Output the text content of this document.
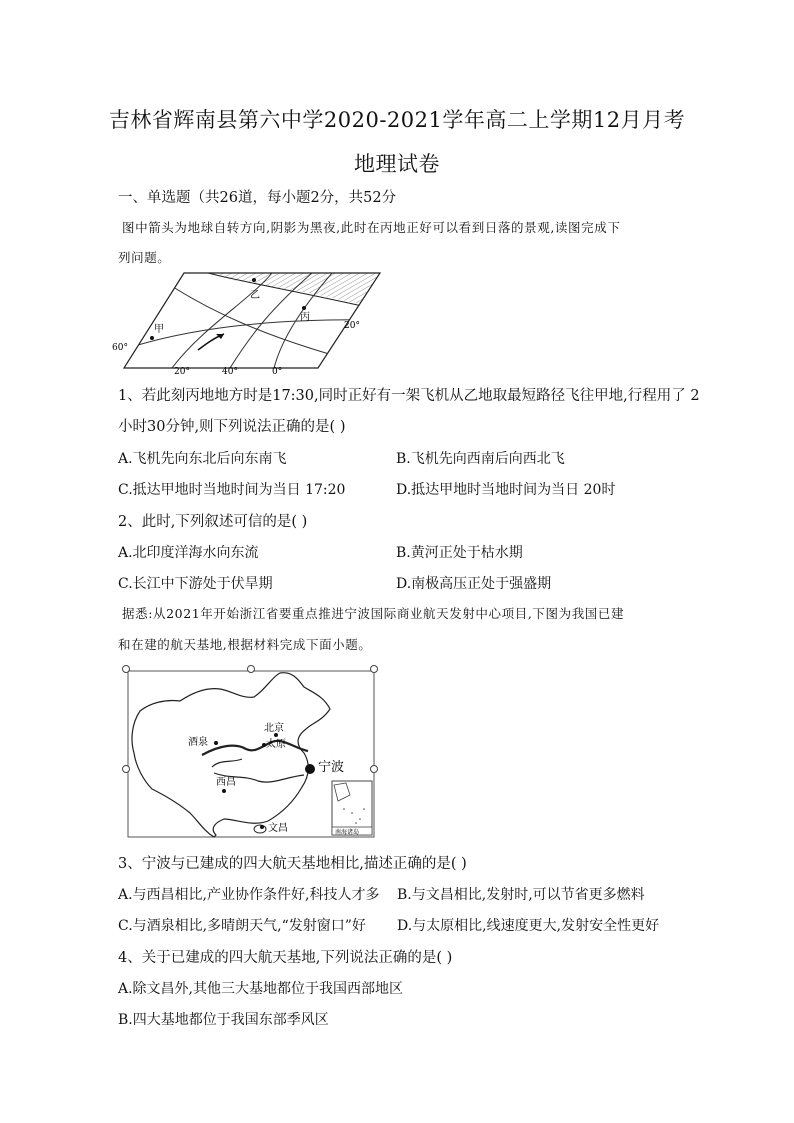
吉林省辉南县第六中学2020-2021学年高二上学期12月月考
地理试卷
一、单选题（共26道，每小题2分，共52分
图中箭头为地球自转方向,阴影为黑夜,此时在丙地正好可以看到日落的景观,读图完成下
列问题。
甲
乙
丙
60°
20°
20°	40°	0°
1、若此刻丙地地方时是17:30,同时正好有一架飞机从乙地取最短路径飞往甲地,行程用了 2
小时30分钟,则下列说法正确的是( )
A.飞机先向东北后向东南飞	B.飞机先向西南后向西北飞
C.抵达甲地时当地时间为当日 17:20	D.抵达甲地时当地时间为当日 20时
2、此时,下列叙述可信的是( )
A.北印度洋海水向东流	B.黄河正处于枯水期
C.长江中下游处于伏旱期	D.南极高压正处于强盛期
据悉:从2021年开始浙江省要重点推进宁波国际商业航天发射中心项目,下图为我国已建
和在建的航天基地,根据材料完成下面小题。
南海诸岛
北京
太原
酒泉
西昌
宁波
文昌
3、宁波与已建成的四大航天基地相比,描述正确的是( )
A.与西昌相比,产业协作条件好,科技人才多 B.与文昌相比,发射时,可以节省更多燃料
C.与酒泉相比,多晴朗天气,“发射窗口”好 D.与太原相比,线速度更大,发射安全性更好
4、关于已建成的四大航天基地,下列说法正确的是( )
A.除文昌外,其他三大基地都位于我国西部地区
B.四大基地都位于我国东部季风区
